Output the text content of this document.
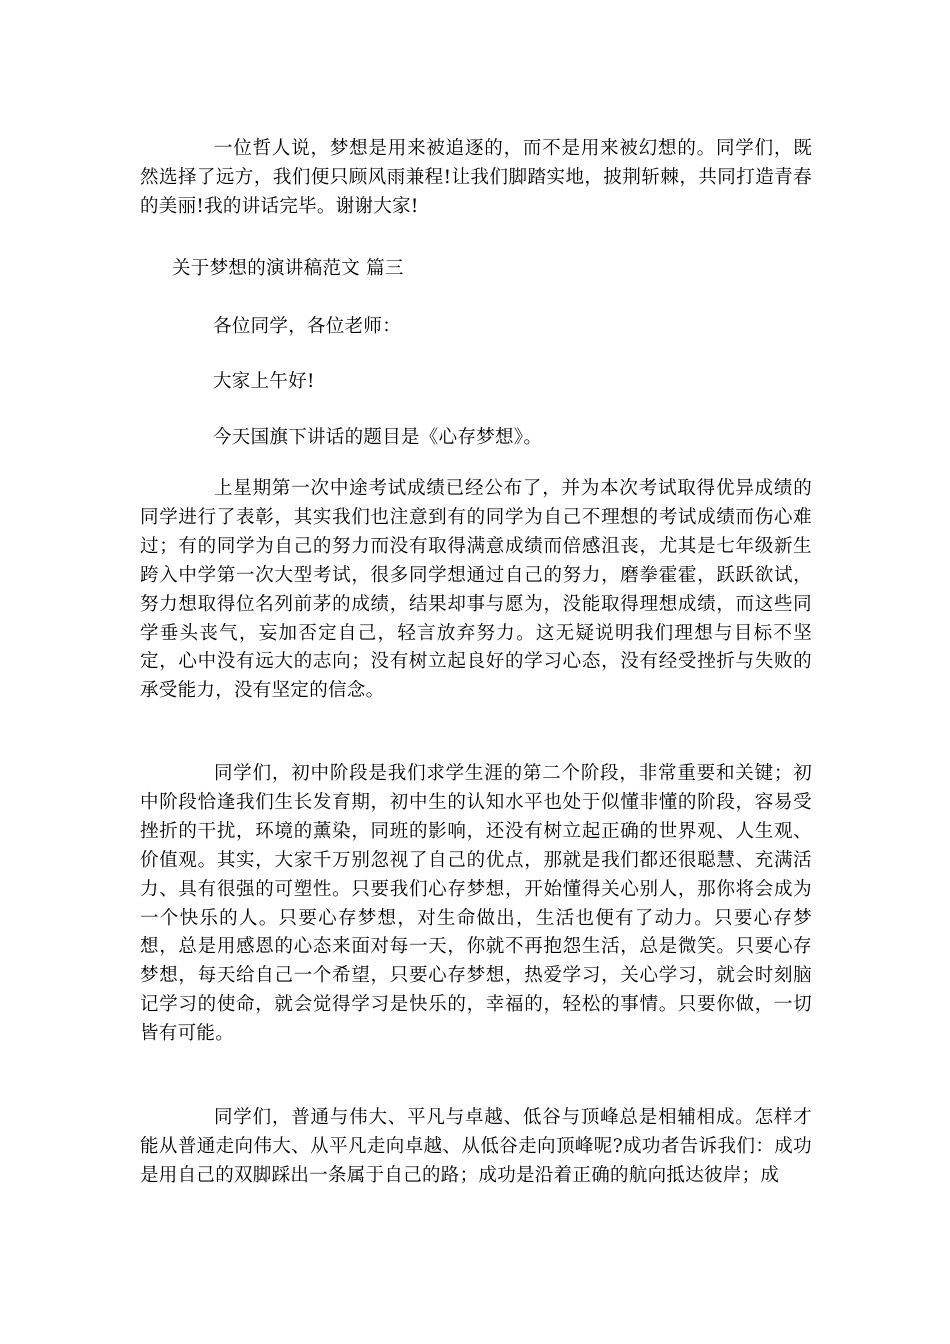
一位哲人说，梦想是用来被追逐的，而不是用来被幻想的。同学们，既然选择了远方，我们便只顾风雨兼程!让我们脚踏实地，披荆斩棘，共同打造青春的美丽!我的讲话完毕。谢谢大家!

关于梦想的演讲稿范文 篇三

各位同学，各位老师：

大家上午好!

今天国旗下讲话的题目是《心存梦想》。

上星期第一次中途考试成绩已经公布了，并为本次考试取得优异成绩的同学进行了表彰，其实我们也注意到有的同学为自己不理想的考试成绩而伤心难过；有的同学为自己的努力而没有取得满意成绩而倍感沮丧，尤其是七年级新生跨入中学第一次大型考试，很多同学想通过自己的努力，磨拳霍霍，跃跃欲试，努力想取得位名列前茅的成绩，结果却事与愿为，没能取得理想成绩，而这些同学垂头丧气，妄加否定自己，轻言放弃努力。这无疑说明我们理想与目标不坚定，心中没有远大的志向；没有树立起良好的学习心态，没有经受挫折与失败的承受能力，没有坚定的信念。

同学们，初中阶段是我们求学生涯的第二个阶段，非常重要和关键；初中阶段恰逢我们生长发育期，初中生的认知水平也处于似懂非懂的阶段，容易受挫折的干扰，环境的薰染，同班的影响，还没有树立起正确的世界观、人生观、价值观。其实，大家千万别忽视了自己的优点，那就是我们都还很聪慧、充满活力、具有很强的可塑性。只要我们心存梦想，开始懂得关心别人，那你将会成为一个快乐的人。只要心存梦想，对生命做出，生活也便有了动力。只要心存梦想，总是用感恩的心态来面对每一天，你就不再抱怨生活，总是微笑。只要心存梦想，每天给自己一个希望，只要心存梦想，热爱学习，关心学习，就会时刻脑记学习的使命，就会觉得学习是快乐的，幸福的，轻松的事情。只要你做，一切皆有可能。

同学们，普通与伟大、平凡与卓越、低谷与顶峰总是相辅相成。怎样才能从普通走向伟大、从平凡走向卓越、从低谷走向顶峰呢?成功者告诉我们：成功是用自己的双脚踩出一条属于自己的路；成功是沿着正确的航向抵达彼岸；成
